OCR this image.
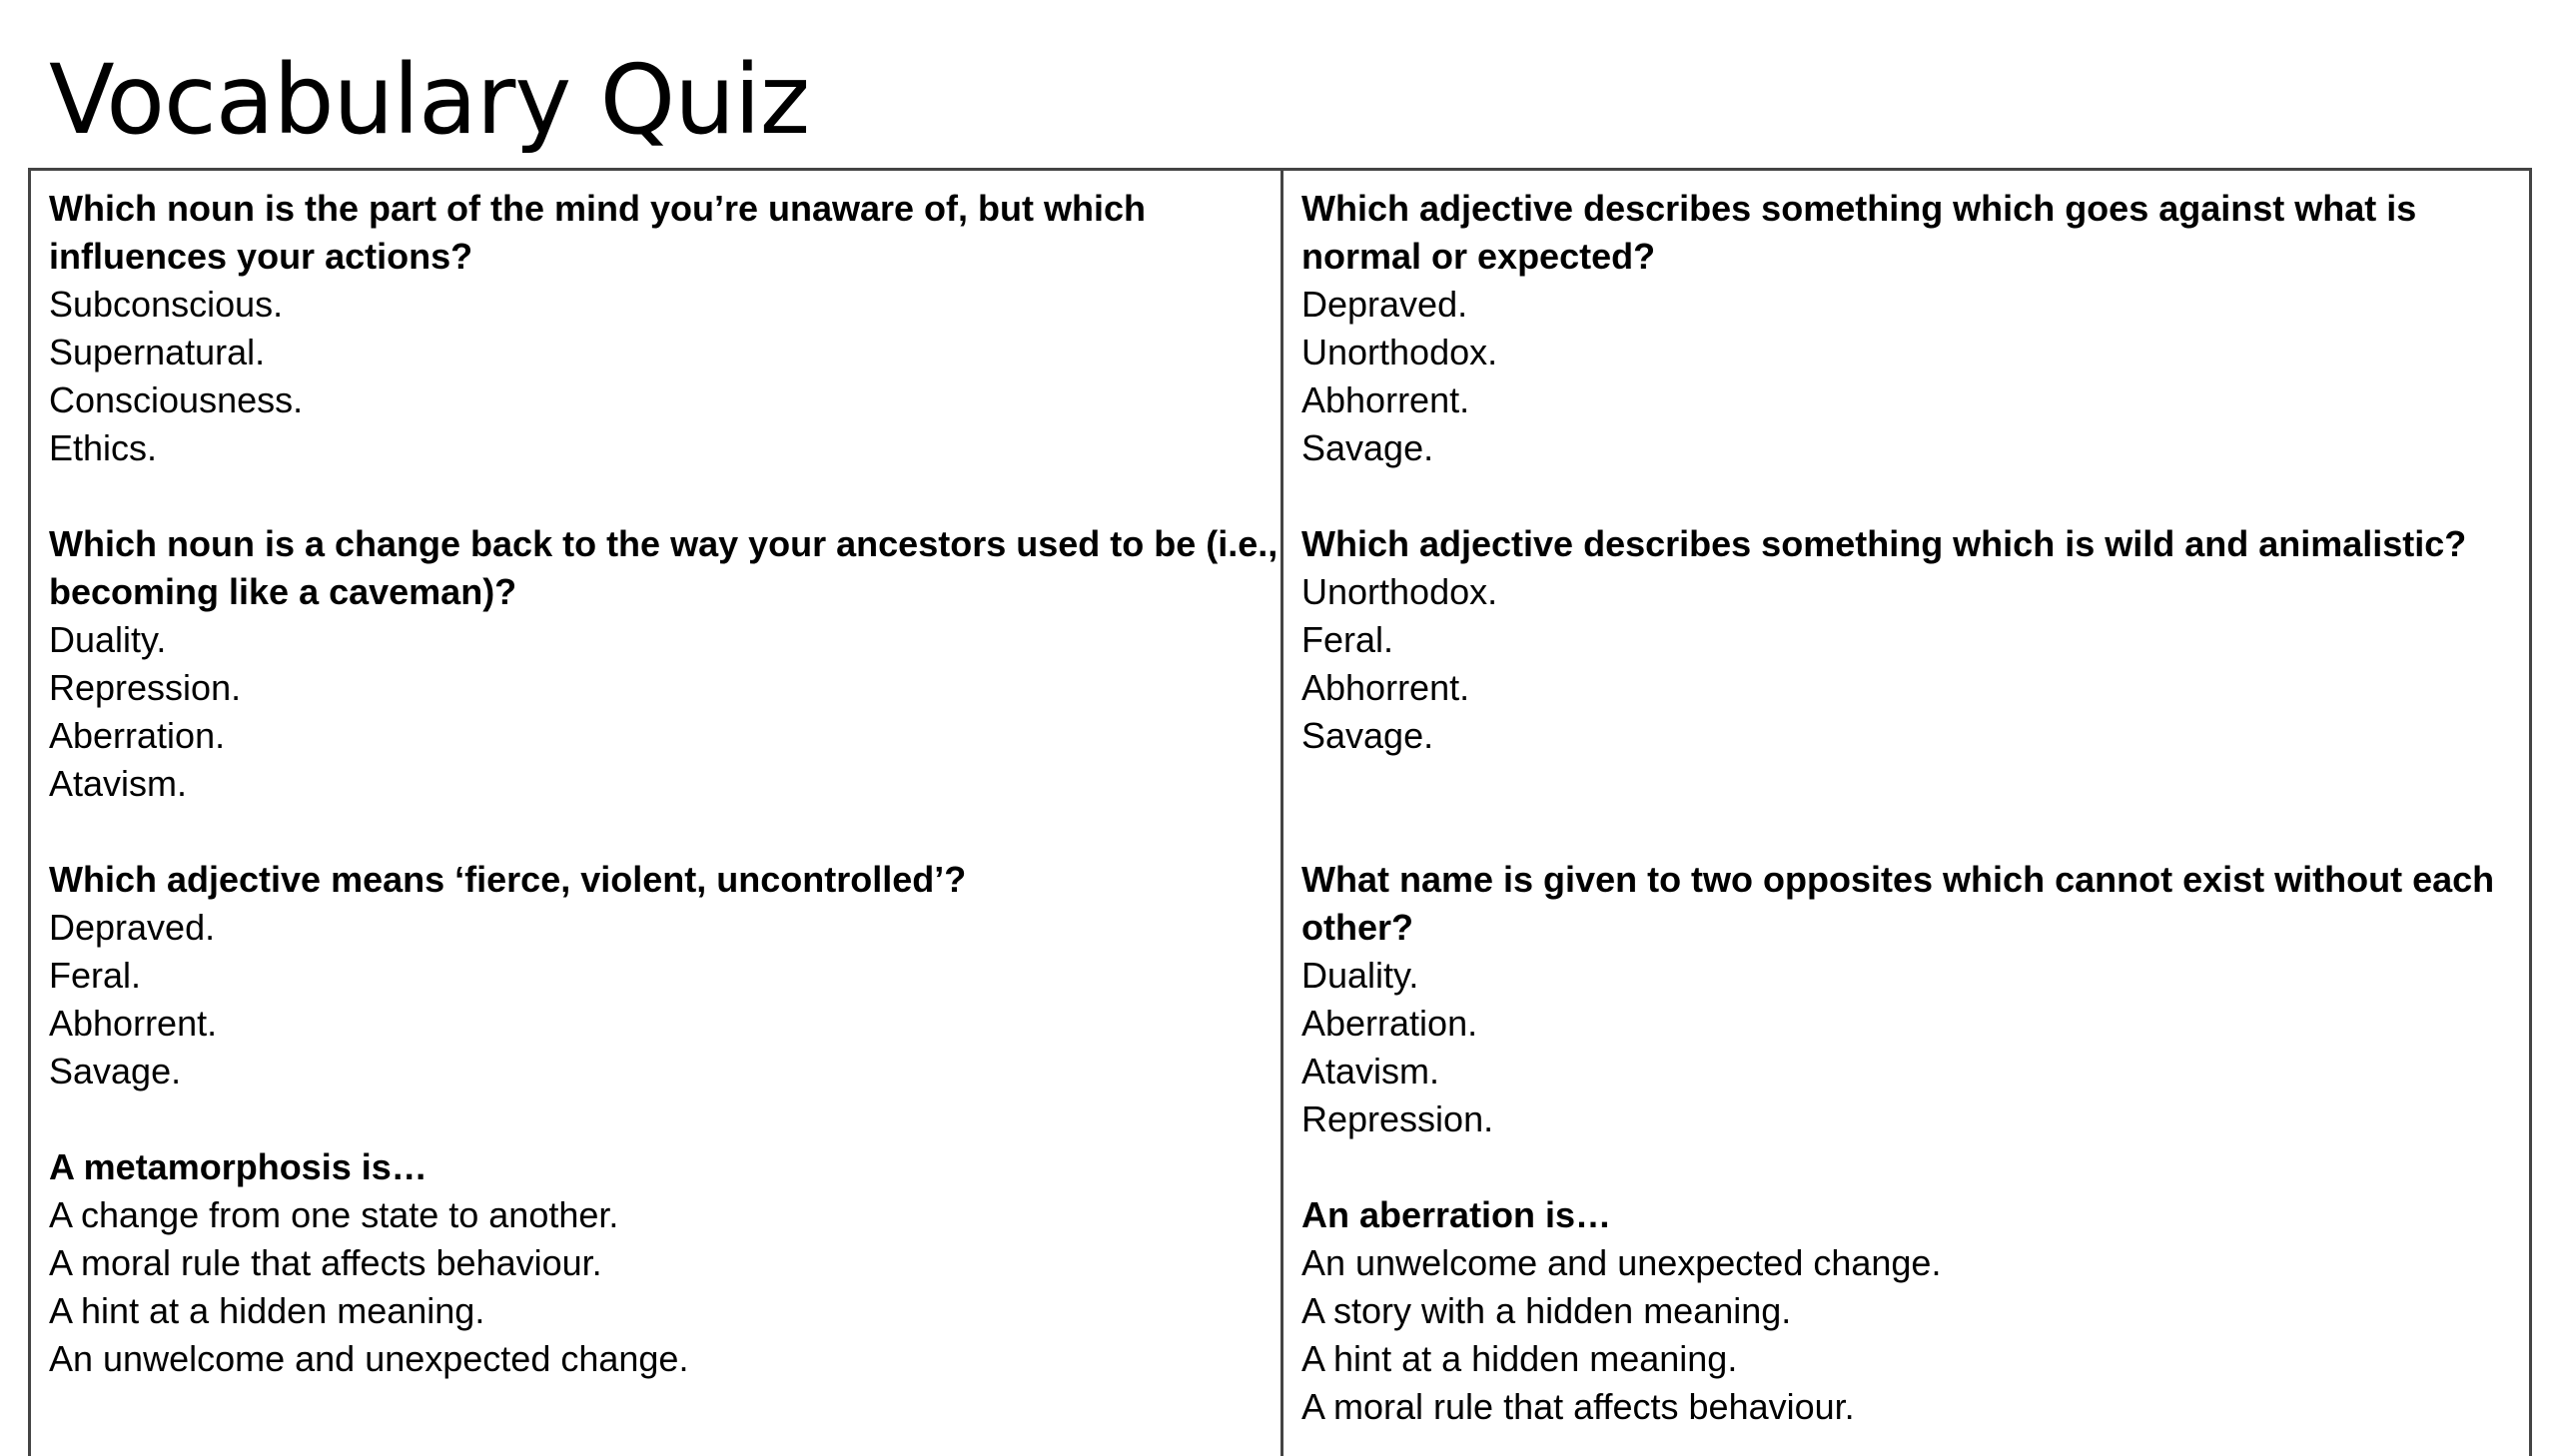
Vocabulary Quiz

Which noun is the part of the mind you’re unaware of, but which influences your actions?

Subconscious.

Supernatural.

Consciousness.

Ethics.

Which noun is a change back to the way your ancestors used to be (i.e., becoming like a caveman)?

Duality.

Repression.

Aberration.

Atavism.

Which adjective means ‘fierce, violent, uncontrolled’?

Depraved.

Feral.

Abhorrent.

Savage.

A metamorphosis is…

A change from one state to another.

A moral rule that affects behaviour.

A hint at a hidden meaning.

An unwelcome and unexpected change.

Which adjective describes something which goes against what is normal or expected?

Depraved.

Unorthodox.

Abhorrent.

Savage.

Which adjective describes something which is wild and animalistic?

Unorthodox.

Feral.

Abhorrent.

Savage.

What name is given to two opposites which cannot exist without each other?

Duality.

Aberration.

Atavism.

Repression.

An aberration is…

An unwelcome and unexpected change.

A story with a hidden meaning.

A hint at a hidden meaning.

A moral rule that affects behaviour.
